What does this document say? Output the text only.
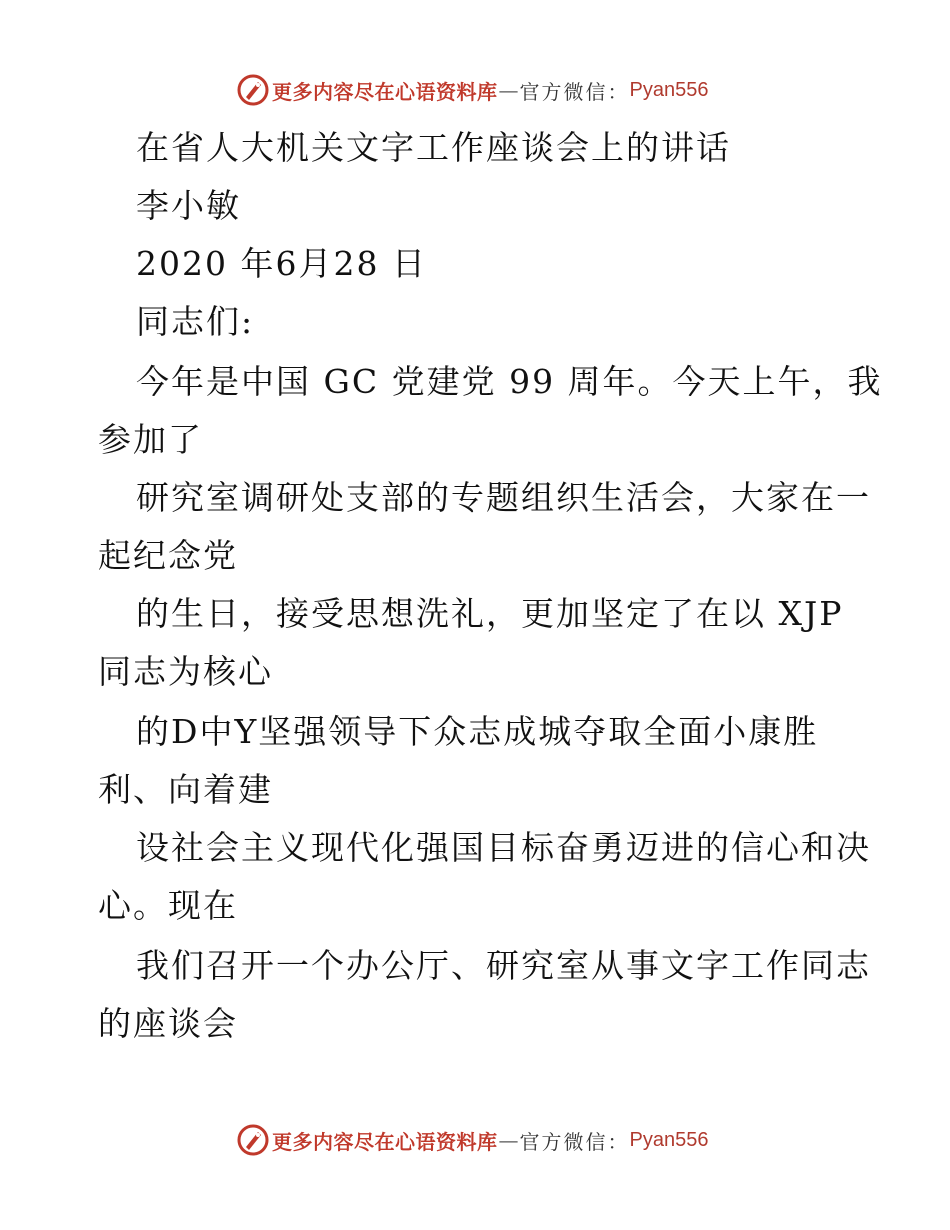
更多内容尽在心语资料库 — 官方微信： Pyan556
在省人大机关文字工作座谈会上的讲话
李小敏
2020 年6月28 日
同志们:
今年是中国 GC 党建党 99 周年。今天上午，我
参加了
研究室调研处支部的专题组织生活会，大家在一
起纪念党
的生日，接受思想洗礼，更加坚定了在以 XJP
同志为核心
的D中Y坚强领导下众志成城夺取全面小康胜
利、向着建
设社会主义现代化强国目标奋勇迈进的信心和决
心。现在
我们召开一个办公厅、研究室从事文字工作同志
的座谈会
更多内容尽在心语资料库 — 官方微信： Pyan556
